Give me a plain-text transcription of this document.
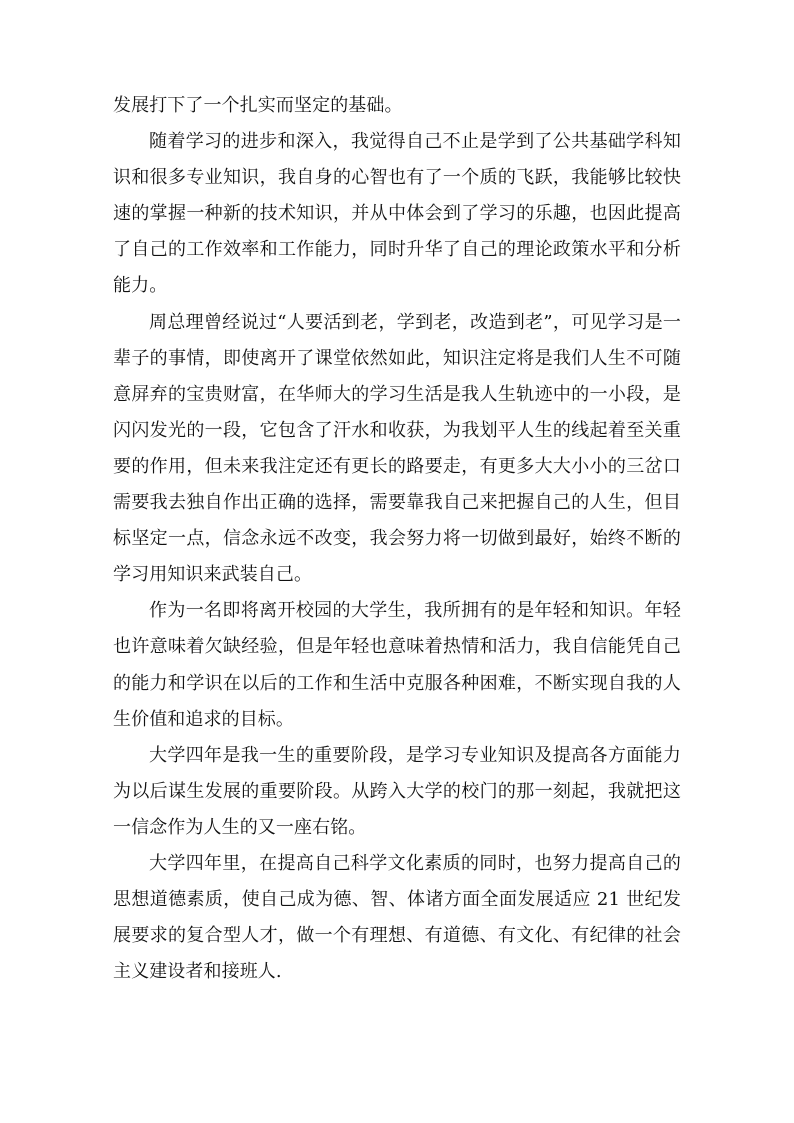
发展打下了一个扎实而坚定的基础。

随着学习的进步和深入，我觉得自己不止是学到了公共基础学科知识和很多专业知识，我自身的心智也有了一个质的飞跃，我能够比较快速的掌握一种新的技术知识，并从中体会到了学习的乐趣，也因此提高了自己的工作效率和工作能力，同时升华了自己的理论政策水平和分析能力。

周总理曾经说过“人要活到老，学到老，改造到老”，可见学习是一辈子的事情，即使离开了课堂依然如此，知识注定将是我们人生不可随意屏弃的宝贵财富，在华师大的学习生活是我人生轨迹中的一小段，是闪闪发光的一段，它包含了汗水和收获，为我划平人生的线起着至关重要的作用，但未来我注定还有更长的路要走，有更多大大小小的三岔口需要我去独自作出正确的选择，需要靠我自己来把握自己的人生，但目标坚定一点，信念永远不改变，我会努力将一切做到最好，始终不断的学习用知识来武装自己。

作为一名即将离开校园的大学生，我所拥有的是年轻和知识。年轻也许意味着欠缺经验，但是年轻也意味着热情和活力，我自信能凭自己的能力和学识在以后的工作和生活中克服各种困难，不断实现自我的人生价值和追求的目标。

大学四年是我一生的重要阶段，是学习专业知识及提高各方面能力为以后谋生发展的重要阶段。从跨入大学的校门的那一刻起，我就把这一信念作为人生的又一座右铭。

大学四年里，在提高自己科学文化素质的同时，也努力提高自己的思想道德素质，使自己成为德、智、体诸方面全面发展适应 21 世纪发展要求的复合型人才，做一个有理想、有道德、有文化、有纪律的社会主义建设者和接班人.
